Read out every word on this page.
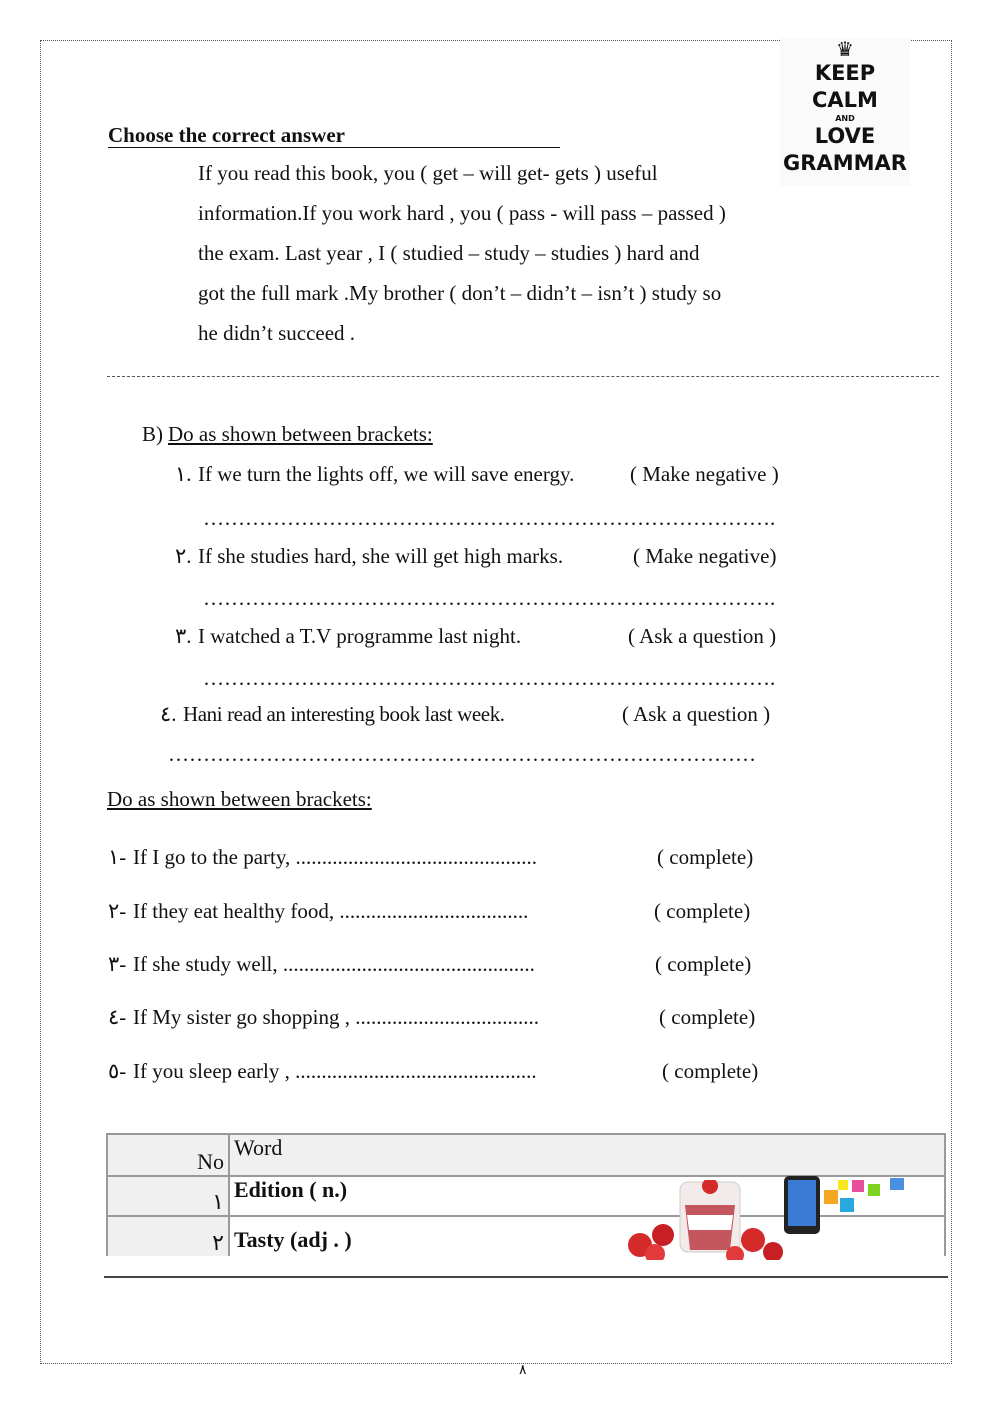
♛
KEEP
CALM
AND
LOVE
GRAMMAR
Choose the correct answer
If you read this book, you ( get – will get- gets ) useful
information.If you work hard , you ( pass - will pass – passed )
the exam. Last year , I ( studied – study – studies ) hard and
got the full mark .My brother ( don’t – didn’t – isn’t ) study so
he didn’t succeed .
B) Do as shown between brackets:
١. If we turn the lights off, we will save energy.	( Make negative )
……………………………………………………………………….
٢. If she studies hard, she will get high marks.	( Make negative)
……………………………………………………………………….
٣. I watched a T.V programme last night.	( Ask a question )
……………………………………………………………………….
٤. Hani read an interesting book last week.	( Ask a question )
…………………………………………………………………………
Do as shown between brackets:
١- If I go to the party, ..............................................	( complete)
٢- If they eat healthy food, ....................................	( complete)
٣- If she study well, ................................................	( complete)
٤- If My sister go shopping , ...................................	( complete)
٥- If you sleep early , ..............................................	( complete)
No	Word
١	Edition ( n.)
٢	Tasty (adj . )
٨
